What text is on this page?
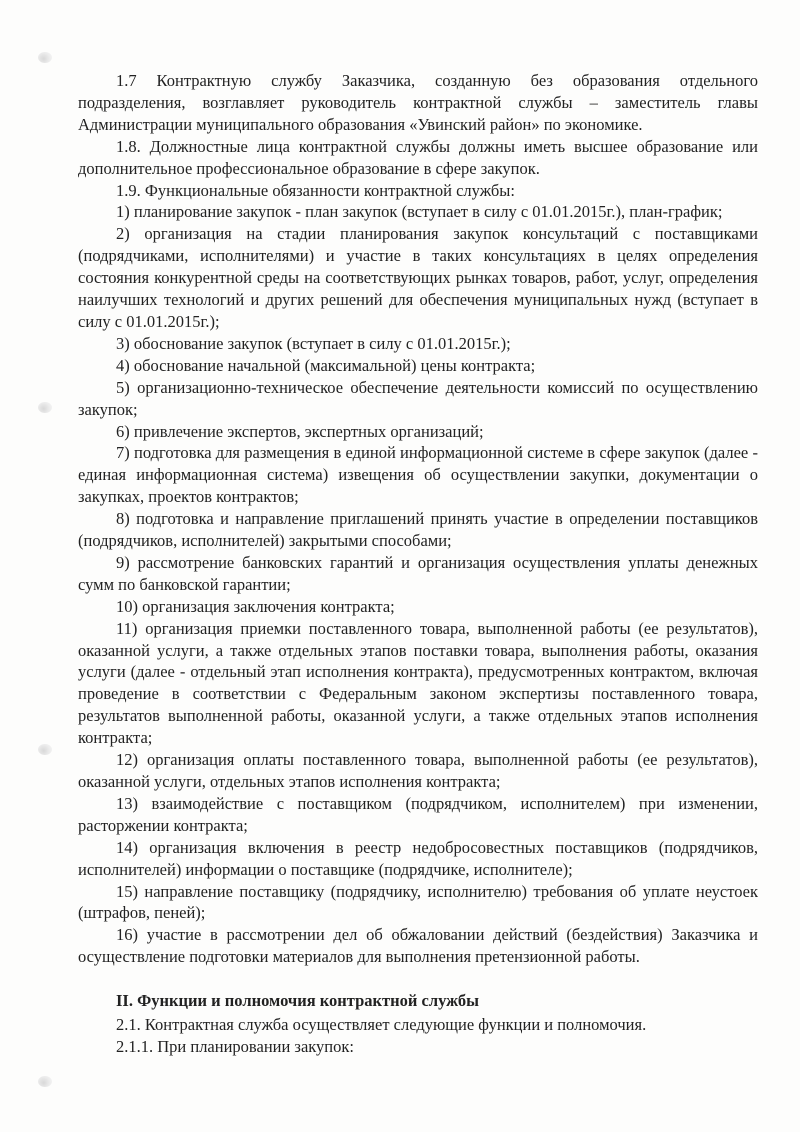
1.7 Контрактную службу Заказчика, созданную без образования отдельного подразделения, возглавляет руководитель контрактной службы – заместитель главы Администрации муниципального образования «Увинский район» по экономике.

1.8. Должностные лица контрактной службы должны иметь высшее образование или дополнительное профессиональное образование в сфере закупок.

1.9. Функциональные обязанности контрактной службы:

1) планирование закупок - план закупок (вступает в силу с 01.01.2015г.), план-график;

2) организация на стадии планирования закупок консультаций с поставщиками (подрядчиками, исполнителями) и участие в таких консультациях в целях определения состояния конкурентной среды на соответствующих рынках товаров, работ, услуг, определения наилучших технологий и других решений для обеспечения муниципальных нужд (вступает в силу с 01.01.2015г.);

3) обоснование закупок (вступает в силу с 01.01.2015г.);

4) обоснование начальной (максимальной) цены контракта;

5) организационно-техническое обеспечение деятельности комиссий по осуществлению закупок;

6) привлечение экспертов, экспертных организаций;

7) подготовка для размещения в единой информационной системе в сфере закупок (далее - единая информационная система) извещения об осуществлении закупки, документации о закупках, проектов контрактов;

8) подготовка и направление приглашений принять участие в определении поставщиков (подрядчиков, исполнителей) закрытыми способами;

9) рассмотрение банковских гарантий и организация осуществления уплаты денежных сумм по банковской гарантии;

10) организация заключения контракта;

11) организация приемки поставленного товара, выполненной работы (ее результатов), оказанной услуги, а также отдельных этапов поставки товара, выполнения работы, оказания услуги (далее - отдельный этап исполнения контракта), предусмотренных контрактом, включая проведение в соответствии с Федеральным законом экспертизы поставленного товара, результатов выполненной работы, оказанной услуги, а также отдельных этапов исполнения контракта;

12) организация оплаты поставленного товара, выполненной работы (ее результатов), оказанной услуги, отдельных этапов исполнения контракта;

13) взаимодействие с поставщиком (подрядчиком, исполнителем) при изменении, расторжении контракта;

14) организация включения в реестр недобросовестных поставщиков (подрядчиков, исполнителей) информации о поставщике (подрядчике, исполнителе);

15) направление поставщику (подрядчику, исполнителю) требования об уплате неустоек (штрафов, пеней);

16) участие в рассмотрении дел об обжаловании действий (бездействия) Заказчика и осуществление подготовки материалов для выполнения претензионной работы.

II. Функции и полномочия контрактной службы

2.1. Контрактная служба осуществляет следующие функции и полномочия.

2.1.1. При планировании закупок:
